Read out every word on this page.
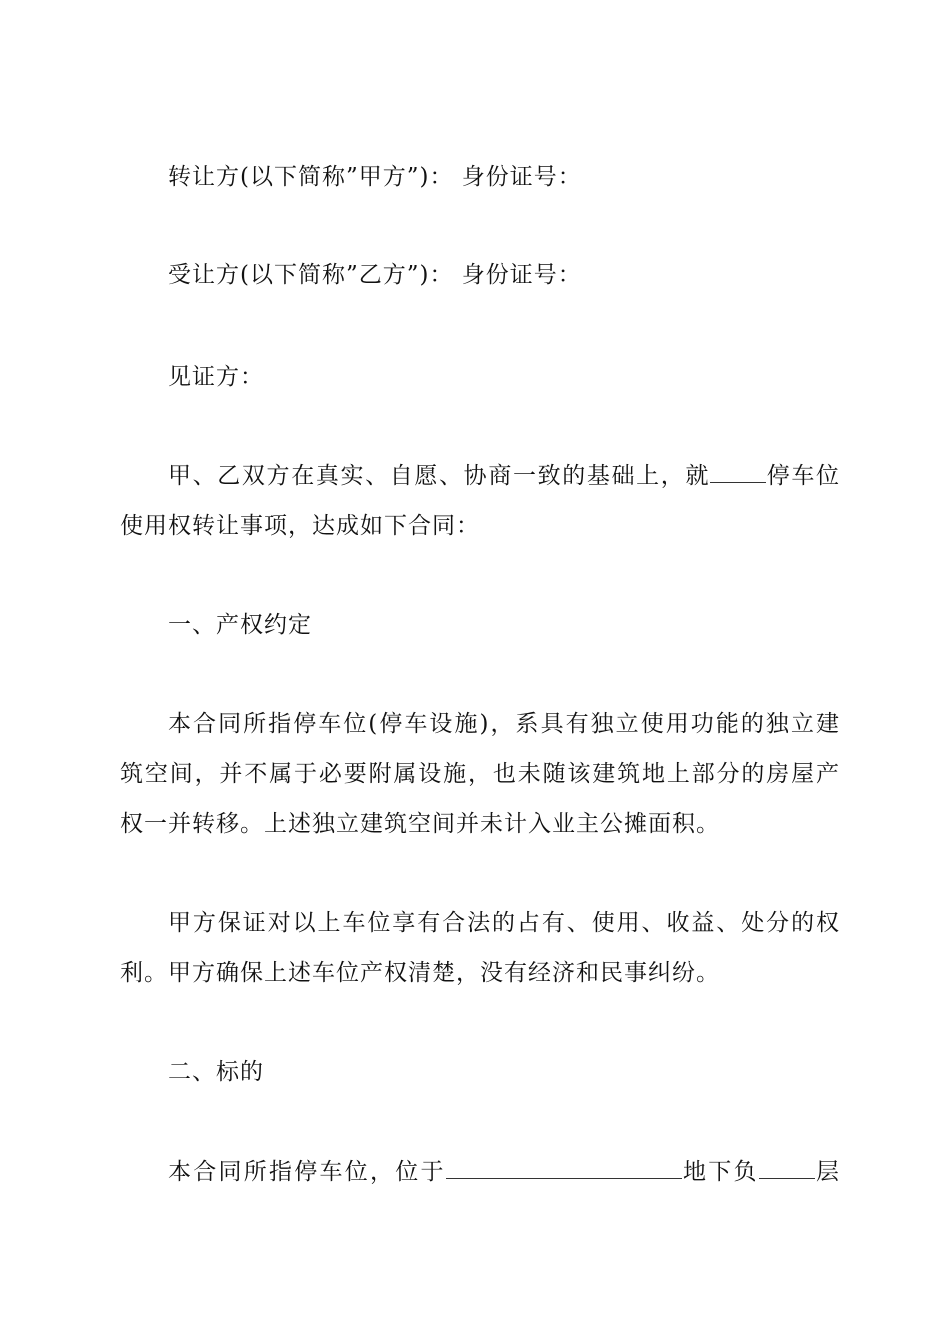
转让方(以下简称”甲方”)： 身份证号：
受让方(以下简称”乙方”)： 身份证号：
见证方：
甲、乙双方在真实、自愿、协商一致的基础上，就 停车位
使用权转让事项，达成如下合同：
一、产权约定
本合同所指停车位(停车设施)，系具有独立使用功能的独立建
筑空间，并不属于必要附属设施，也未随该建筑地上部分的房屋产
权一并转移。上述独立建筑空间并未计入业主公摊面积。
甲方保证对以上车位享有合法的占有、使用、收益、处分的权
利。甲方确保上述车位产权清楚，没有经济和民事纠纷。
二、标的
本合同所指停车位，位于	地下负 层
